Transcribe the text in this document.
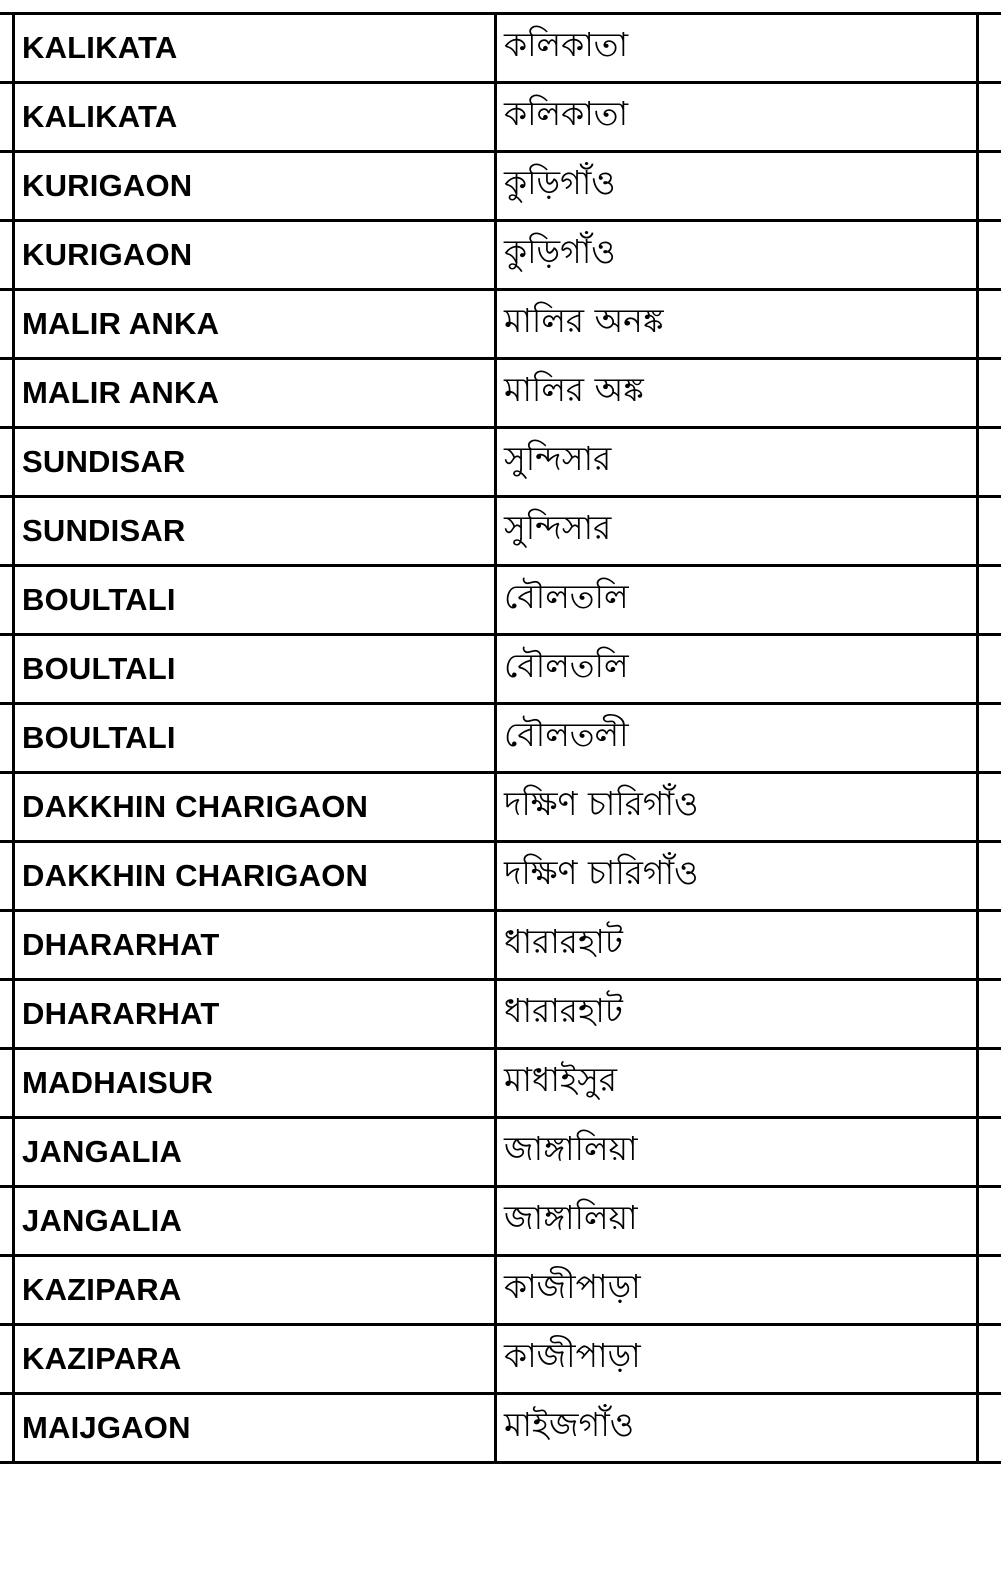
KALIKATA	কলিকাতা
KALIKATA	কলিকাতা
KURIGAON	কুড়িগাঁও
KURIGAON	কুড়িগাঁও
MALIR ANKA	মালির অনঙ্ক
MALIR ANKA	মালির অঙ্ক
SUNDISAR	সুন্দিসার
SUNDISAR	সুন্দিসার
BOULTALI	বৌলতলি
BOULTALI	বৌলতলি
BOULTALI	বৌলতলী
DAKKHIN CHARIGAON	দক্ষিণ চারিগাঁও
DAKKHIN CHARIGAON	দক্ষিণ চারিগাঁও
DHARARHAT	ধারারহাট
DHARARHAT	ধারারহাট
MADHAISUR	মাধাইসুর
JANGALIA	জাঙ্গালিয়া
JANGALIA	জাঙ্গালিয়া
KAZIPARA	কাজীপাড়া
KAZIPARA	কাজীপাড়া
MAIJGAON	মাইজগাঁও
